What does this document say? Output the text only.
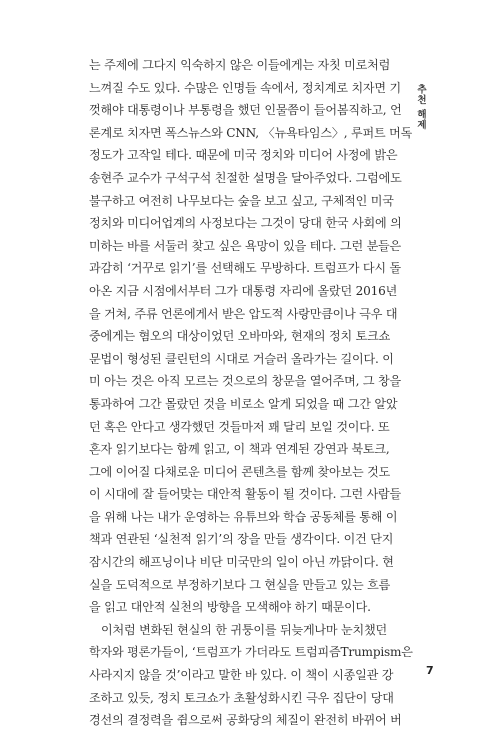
추천 해제
는 주제에 그다지 익숙하지 않은 이들에게는 자칫 미로처럼
느껴질 수도 있다. 수많은 인명들 속에서, 정치계로 치자면 기
껏해야 대통령이나 부통령을 했던 인물쯤이 들어봄직하고, 언
론계로 치자면 폭스뉴스와 CNN, 〈뉴욕타임스〉, 루퍼트 머독
정도가 고작일 테다. 때문에 미국 정치와 미디어 사정에 밝은
송현주 교수가 구석구석 친절한 설명을 달아주었다. 그럼에도
불구하고 여전히 나무보다는 숲을 보고 싶고, 구체적인 미국
정치와 미디어업계의 사정보다는 그것이 당대 한국 사회에 의
미하는 바를 서둘러 찾고 싶은 욕망이 있을 테다. 그런 분들은
과감히 ‘거꾸로 읽기’를 선택해도 무방하다. 트럼프가 다시 돌
아온 지금 시점에서부터 그가 대통령 자리에 올랐던 2016년
을 거쳐, 주류 언론에게서 받은 압도적 사랑만큼이나 극우 대
중에게는 혐오의 대상이었던 오바마와, 현재의 정치 토크쇼
문법이 형성된 클린턴의 시대로 거슬러 올라가는 길이다. 이
미 아는 것은 아직 모르는 것으로의 창문을 열어주며, 그 창을
통과하여 그간 몰랐던 것을 비로소 알게 되었을 때 그간 알았
던 혹은 안다고 생각했던 것들마저 꽤 달리 보일 것이다. 또
혼자 읽기보다는 함께 읽고, 이 책과 연계된 강연과 북토크,
그에 이어질 다채로운 미디어 콘텐츠를 함께 찾아보는 것도
이 시대에 잘 들어맞는 대안적 활동이 될 것이다. 그런 사람들
을 위해 나는 내가 운영하는 유튜브와 학습 공동체를 통해 이
책과 연관된 ‘실천적 읽기’의 장을 만들 생각이다. 이건 단지
잠시간의 해프닝이나 비단 미국만의 일이 아닌 까닭이다. 현
실을 도덕적으로 부정하기보다 그 현실을 만들고 있는 흐름
을 읽고 대안적 실천의 방향을 모색해야 하기 때문이다.
이처럼 변화된 현실의 한 귀퉁이를 뒤늦게나마 눈치챘던
학자와 평론가들이, ‘트럼프가 가더라도 트럼피즘Trumpism은
사라지지 않을 것’이라고 말한 바 있다. 이 책이 시종일관 강
조하고 있듯, 정치 토크쇼가 초활성화시킨 극우 집단이 당대
경선의 결정력을 쥠으로써 공화당의 체질이 완전히 바뀌어 버
7
